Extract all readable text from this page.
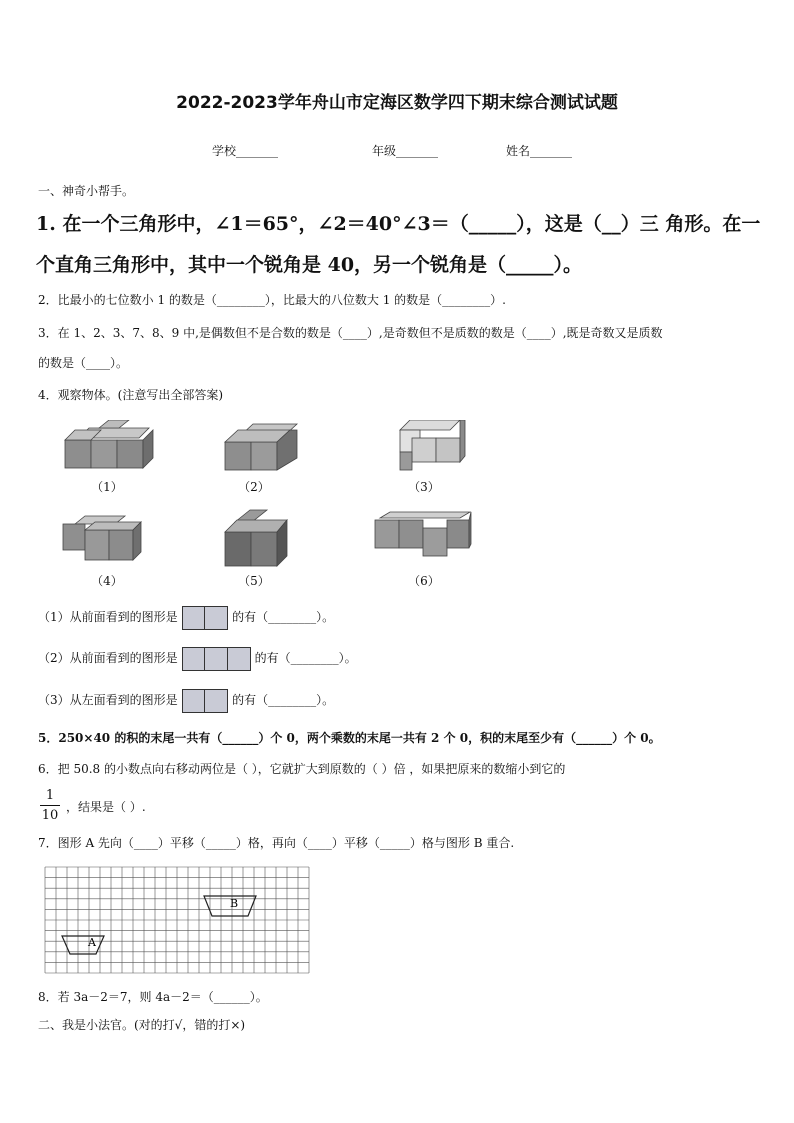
2022-2023学年舟山市定海区数学四下期末综合测试试题
学校_______	年级_______	姓名_______
一、神奇小帮手。
1. 在一个三角形中，∠1＝65°，∠2＝40°∠3＝（_____），这是（__）三 角形。在一
个直角三角形中，其中一个锐角是 40，另一个锐角是（_____）。
2．比最小的七位数小 1 的数是（________），比最大的八位数大 1 的数是（________）.
3．在 1、2、3、7、8、9 中,是偶数但不是合数的数是（____）,是奇数但不是质数的数是（____）,既是奇数又是质数
的数是（____）。
4．观察物体。(注意写出全部答案)
（1）	（2）	（3）
（4）	（5）	（6）
（1）从前面看到的图形是	的有（________）。
（2）从前面看到的图形是	的有（________）。
（3）从左面看到的图形是	的有（________）。
5．250×40 的积的末尾一共有（______）个 0，两个乘数的末尾一共有 2 个 0，积的末尾至少有（______）个 0。
6．把 50.8 的小数点向右移动两位是（ ），它就扩大到原数的（ ）倍 ，如果把原来的数缩小到它的
$\frac{1}{10}$ ，结果是（ ）.
7．图形 A 先向（____）平移（_____）格，再向（____）平移（_____）格与图形 B 重合.
A
B
8．若 3a－2＝7，则 4a－2＝（______）。
二、我是小法官。(对的打√，错的打×)
